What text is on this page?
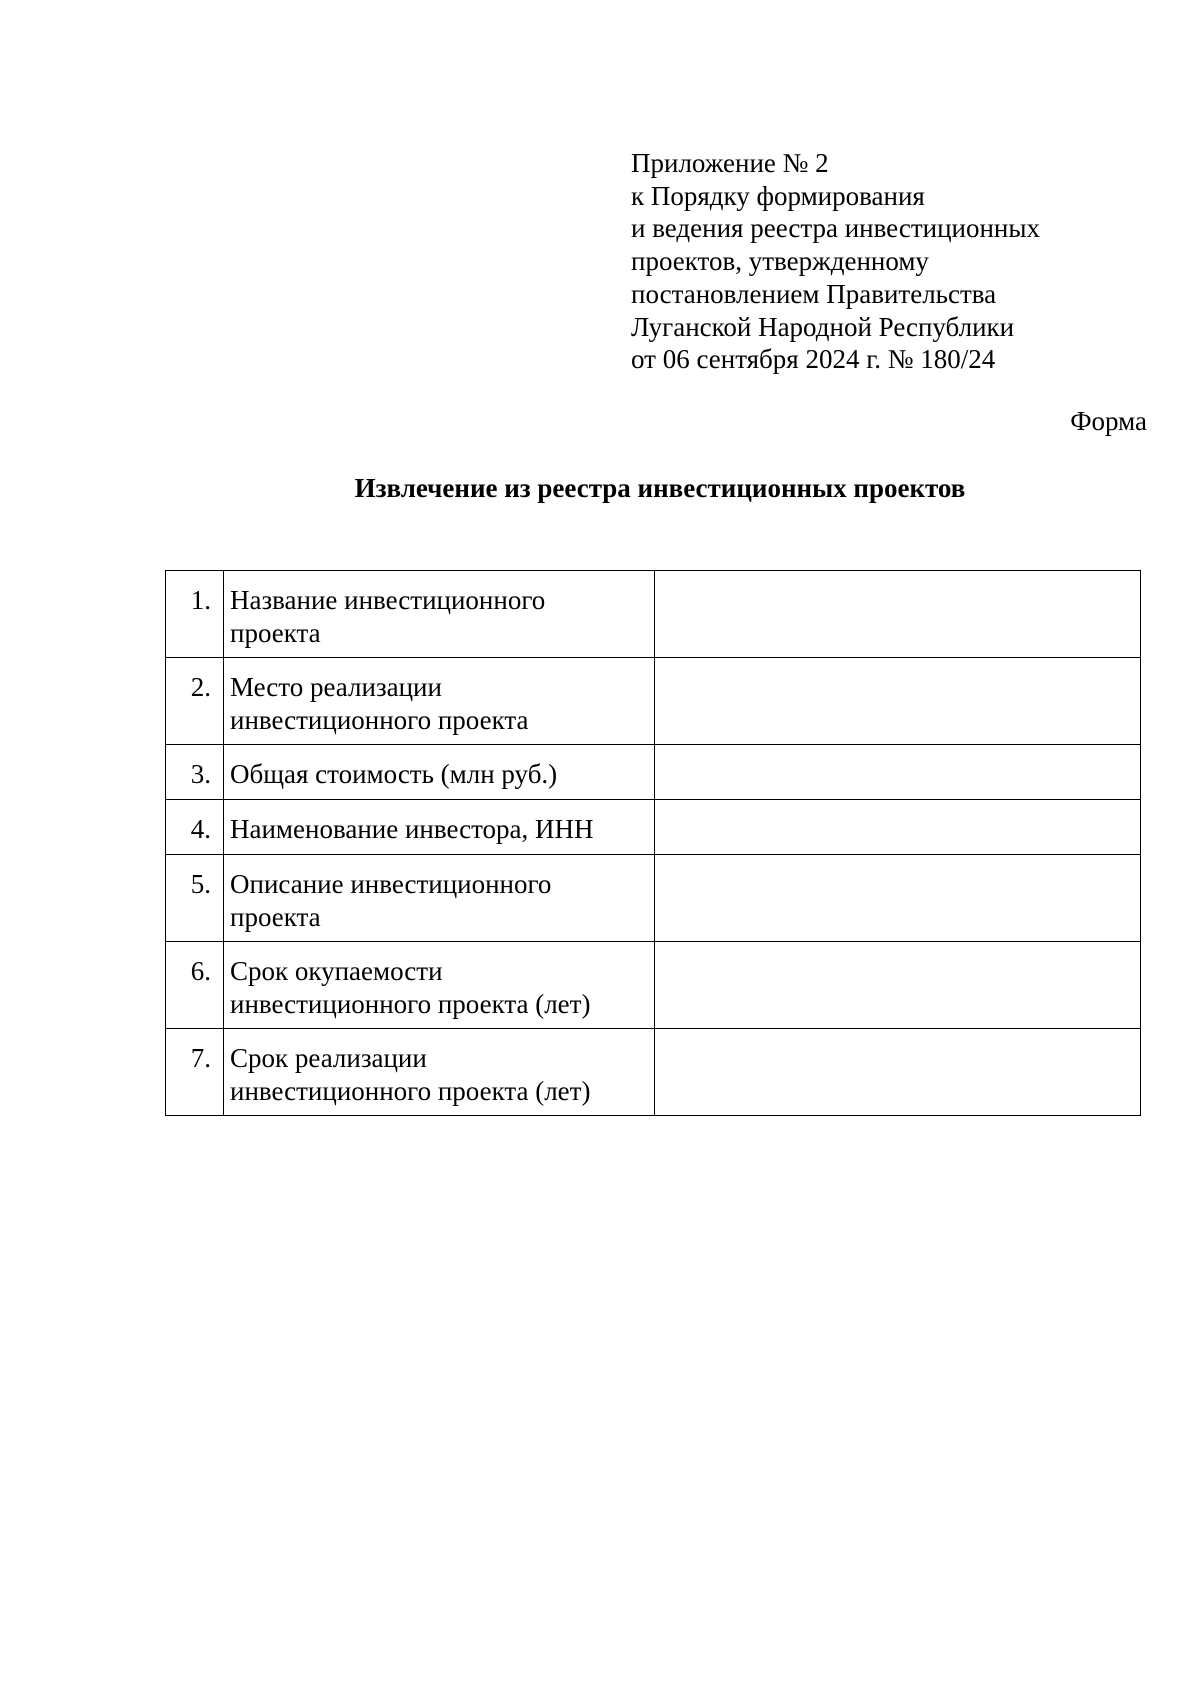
Приложение № 2
к Порядку формирования
и ведения реестра инвестиционных
проектов, утвержденному
постановлением Правительства
Луганской Народной Республики
от 06 сентября 2024 г. № 180/24
Форма
Извлечение из реестра инвестиционных проектов
1.	Название инвестиционного
проекта	

2.	Место реализации
инвестиционного проекта	

3.	Общая стоимость (млн руб.)	

4.	Наименование инвестора, ИНН	

5.	Описание инвестиционного
проекта	

6.	Срок окупаемости
инвестиционного проекта (лет)	

7.	Срок реализации
инвестиционного проекта (лет)	
